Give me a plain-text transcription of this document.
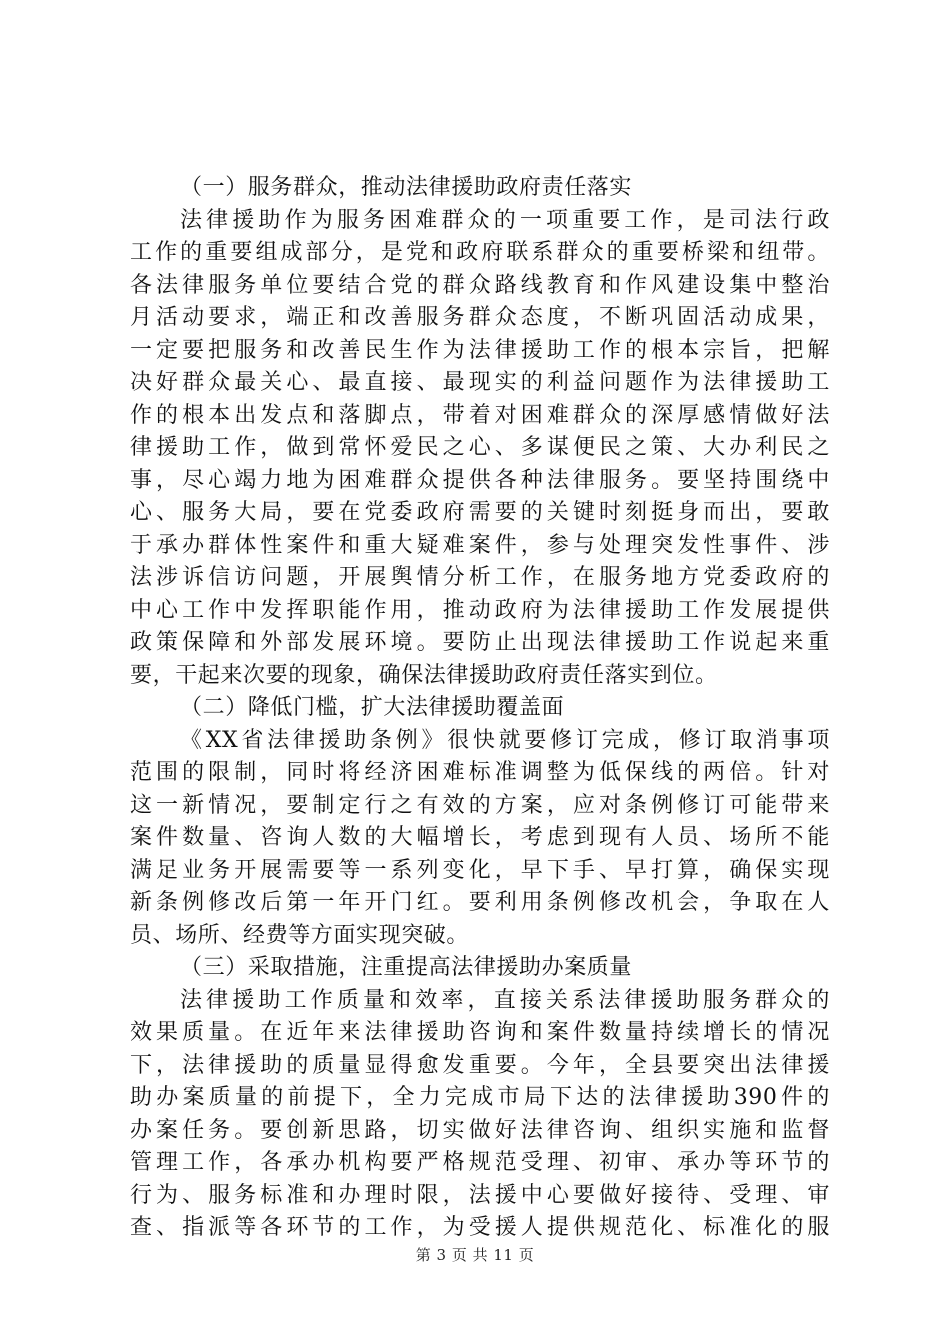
（一）服务群众，推动法律援助政府责任落实
法律援助作为服务困难群众的一项重要工作，是司法行政
工作的重要组成部分，是党和政府联系群众的重要桥梁和纽带。
各法律服务单位要结合党的群众路线教育和作风建设集中整治
月活动要求，端正和改善服务群众态度，不断巩固活动成果，
一定要把服务和改善民生作为法律援助工作的根本宗旨，把解
决好群众最关心、最直接、最现实的利益问题作为法律援助工
作的根本出发点和落脚点，带着对困难群众的深厚感情做好法
律援助工作，做到常怀爱民之心、多谋便民之策、大办利民之
事，尽心竭力地为困难群众提供各种法律服务。要坚持围绕中
心、服务大局，要在党委政府需要的关键时刻挺身而出，要敢
于承办群体性案件和重大疑难案件，参与处理突发性事件、涉
法涉诉信访问题，开展舆情分析工作，在服务地方党委政府的
中心工作中发挥职能作用，推动政府为法律援助工作发展提供
政策保障和外部发展环境。要防止出现法律援助工作说起来重
要，干起来次要的现象，确保法律援助政府责任落实到位。
（二）降低门槛，扩大法律援助覆盖面
《XX省法律援助条例》很快就要修订完成，修订取消事项
范围的限制，同时将经济困难标准调整为低保线的两倍。针对
这一新情况，要制定行之有效的方案，应对条例修订可能带来
案件数量、咨询人数的大幅增长，考虑到现有人员、场所不能
满足业务开展需要等一系列变化，早下手、早打算，确保实现
新条例修改后第一年开门红。要利用条例修改机会，争取在人
员、场所、经费等方面实现突破。
（三）采取措施，注重提高法律援助办案质量
法律援助工作质量和效率，直接关系法律援助服务群众的
效果质量。在近年来法律援助咨询和案件数量持续增长的情况
下，法律援助的质量显得愈发重要。今年，全县要突出法律援
助办案质量的前提下，全力完成市局下达的法律援助390件的
办案任务。要创新思路，切实做好法律咨询、组织实施和监督
管理工作，各承办机构要严格规范受理、初审、承办等环节的
行为、服务标准和办理时限，法援中心要做好接待、受理、审
查、指派等各环节的工作，为受援人提供规范化、标准化的服
第 3 页 共 11 页
